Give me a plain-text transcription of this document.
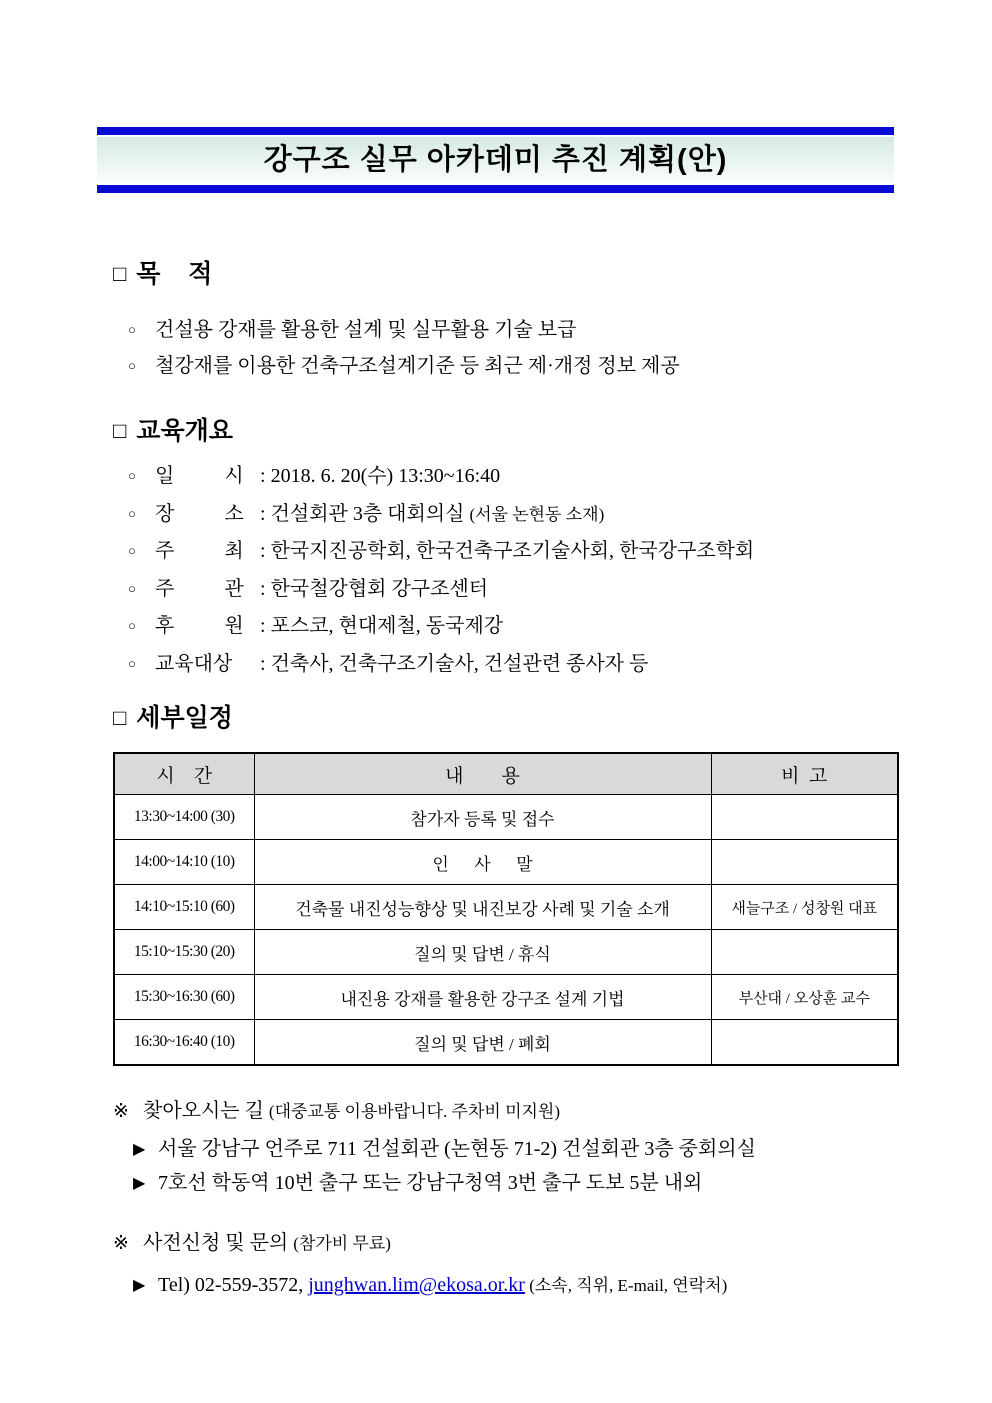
강구조 실무 아카데미 추진 계획(안)
□ 목    적
○ 건설용 강재를 활용한 설계 및 실무활용 기술 보급
○ 철강재를 이용한 건축구조설계기준 등 최근 제·개정 정보 제공
□ 교육개요
○ 일          시 : 2018. 6. 20(수) 13:30~16:40
○ 장          소 : 건설회관 3층 대회의실 (서울 논현동 소재)
○ 주          최 : 한국지진공학회, 한국건축구조기술사회, 한국강구조학회
○ 주          관 : 한국철강협회 강구조센터
○ 후          원 : 포스코, 현대제철, 동국제강
○ 교육대상 : 건축사, 건축구조기술사, 건설관련 종사자 등
□ 세부일정
시    간	내        용	비  고
13:30~14:00 (30)	참가자 등록 및 접수	
14:00~14:10 (10)	인      사      말	
14:10~15:10 (60)	건축물 내진성능향상 및 내진보강 사례 및 기술 소개	새늘구조 / 성창원 대표
15:10~15:30 (20)	질의 및 답변 / 휴식	
15:30~16:30 (60)	내진용 강재를 활용한 강구조 설계 기법	부산대 / 오상훈 교수
16:30~16:40 (10)	질의 및 답변 / 폐회	
※ 찾아오시는 길 (대중교통 이용바랍니다. 주차비 미지원)
▶ 서울 강남구 언주로 711 건설회관 (논현동 71-2) 건설회관 3층 중회의실
▶ 7호선 학동역 10번 출구 또는 강남구청역 3번 출구 도보 5분 내외
※ 사전신청 및 문의 (참가비 무료)
▶ Tel) 02-559-3572, junghwan.lim@ekosa.or.kr (소속, 직위, E-mail, 연락처)
